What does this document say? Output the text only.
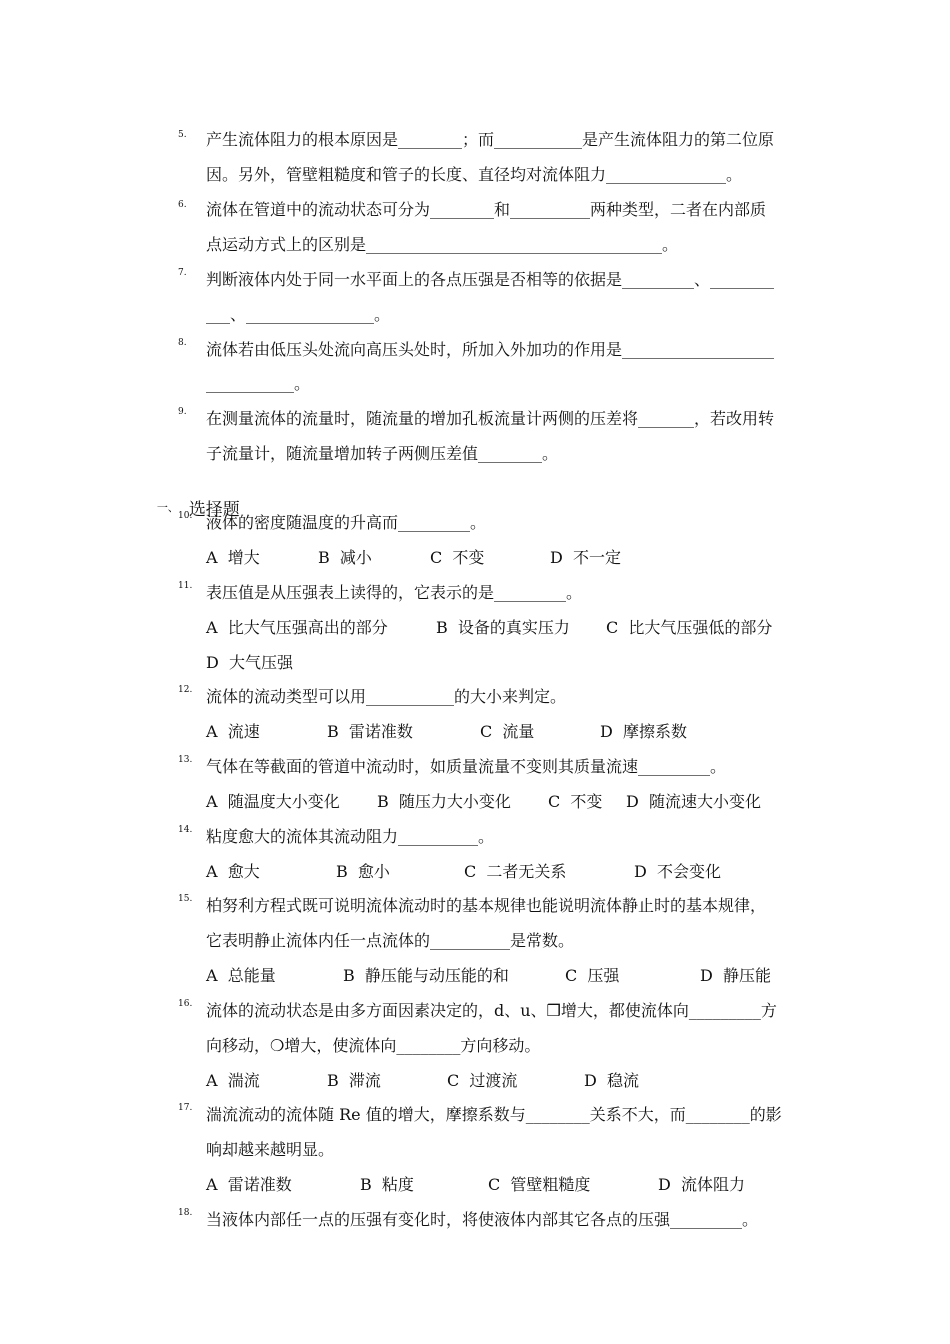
5. 产生流体阻力的根本原因是________；而___________是产生流体阻力的第二位原
因。另外，管壁粗糙度和管子的长度、直径均对流体阻力_______________。
6. 流体在管道中的流动状态可分为________和__________两种类型，二者在内部质
点运动方式上的区别是_____________________________________。
7. 判断液体内处于同一水平面上的各点压强是否相等的依据是_________、________
___、________________。
8. 流体若由低压头处流向高压头处时，所加入外加功的作用是___________________
___________。
9. 在测量流体的流量时，随流量的增加孔板流量计两侧的压差将_______，若改用转
子流量计，随流量增加转子两侧压差值________。

$^{一、}$ 选择题

10. 液体的密度随温度的升高而_________。
A  增大	B  减小	C  不变	D  不一定
11. 表压值是从压强表上读得的，它表示的是_________。
A  比大气压强高出的部分	B  设备的真实压力 C  比大气压强低的部分
D  大气压强
12. 流体的流动类型可以用___________的大小来判定。
A  流速	B  雷诺准数	C  流量	D  摩擦系数
13. 气体在等截面的管道中流动时，如质量流量不变则其质量流速_________。
A  随温度大小变化 B  随压力大小变化 C  不变 D  随流速大小变化
14. 粘度愈大的流体其流动阻力__________。
A  愈大	B  愈小	C  二者无关系	D  不会变化
15. 柏努利方程式既可说明流体流动时的基本规律也能说明流体静止时的基本规律，
它表明静止流体内任一点流体的__________是常数。
A  总能量	B  静压能与动压能的和	C  压强	D  静压能
16. 流体的流动状态是由多方面因素决定的，d、u、❒增大，都使流体向_________方
向移动，❍增大，使流体向________方向移动。
A  湍流	B  滞流	C  过渡流	D  稳流
17. 湍流流动的流体随 Re 值的增大，摩擦系数与________关系不大，而________的影
响却越来越明显。
A  雷诺准数	B  粘度	C  管壁粗糙度	D  流体阻力
18. 当液体内部任一点的压强有变化时，将使液体内部其它各点的压强_________。
